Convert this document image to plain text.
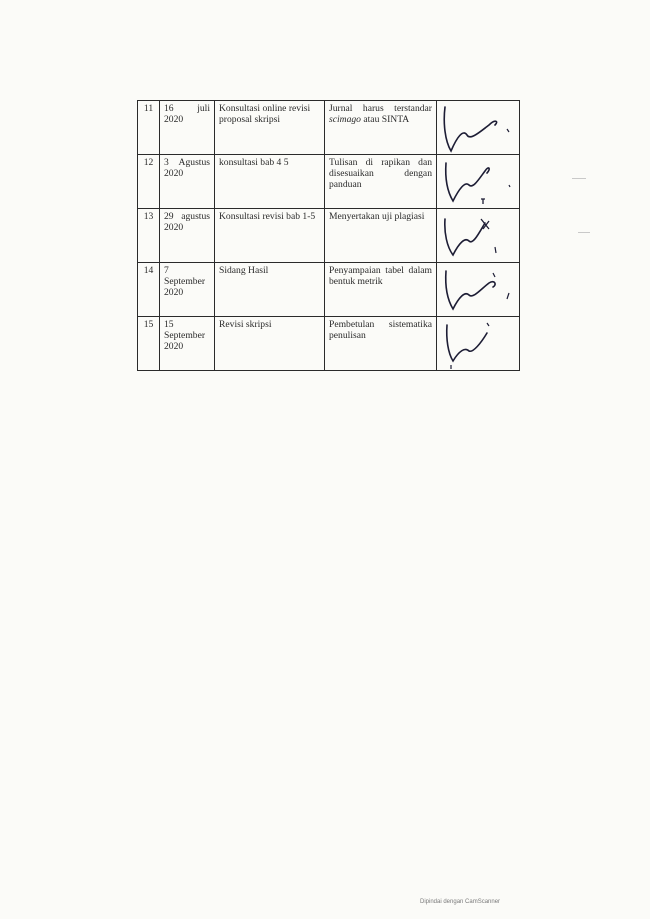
11	16 juli 2020	Konsultasi online revisi proposal skripsi	Jurnal harus terstandar scimago atau SINTA	

12	3 Agustus 2020	konsultasi bab 4 5	Tulisan di rapikan dan disesuaikan dengan panduan	

13	29 agustus 2020	Konsultasi revisi bab 1-5	Menyertakan uji plagiasi	

14	7 September 2020	Sidang Hasil	Penyampaian tabel dalam bentuk metrik	

15	15 September 2020	Revisi skripsi	Pembetulan sistematika penulisan	
Dipindai dengan CamScanner
